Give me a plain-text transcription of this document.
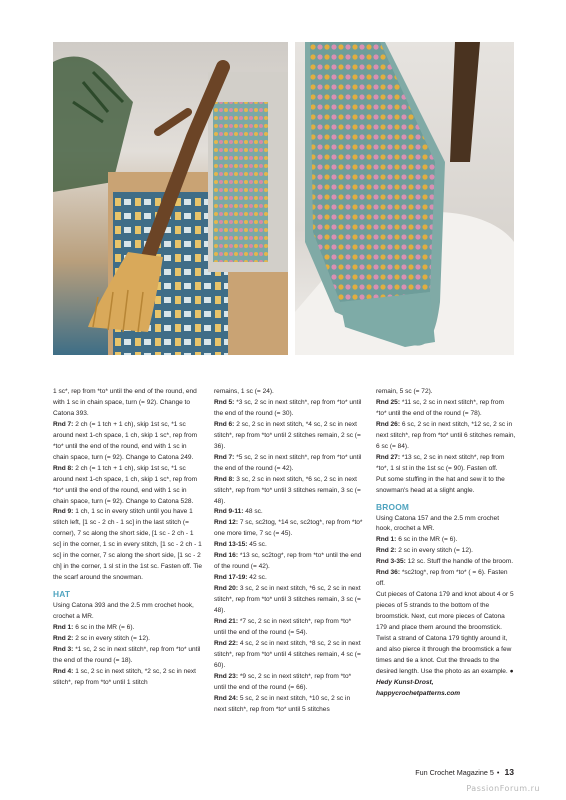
1 sc*, rep from *to* until the end of the round, end with 1 sc in chain space, turn (= 92). Change to Catona 393.

Rnd 7: 2 ch (= 1 tch + 1 ch), skip 1st sc, *1 sc around next 1-ch space, 1 ch, skip 1 sc*, rep from *to* until the end of the round, end with 1 sc in chain space, turn (= 92). Change to Catona 249.

Rnd 8: 2 ch (= 1 tch + 1 ch), skip 1st sc, *1 sc around next 1-ch space, 1 ch, skip 1 sc*, rep from *to* until the end of the round, end with 1 sc in chain space, turn (= 92). Change to Catona 528.

Rnd 9: 1 ch, 1 sc in every stitch until you have 1 stitch left, [1 sc - 2 ch - 1 sc] in the last stitch (= corner), 7 sc along the short side, [1 sc - 2 ch - 1 sc] in the corner, 1 sc in every stitch, [1 sc - 2 ch - 1 sc] in the corner, 7 sc along the short side, [1 sc - 2 ch] in the corner, 1 sl st in the 1st sc. Fasten off. Tie the scarf around the snowman.

HAT

Using Catona 393 and the 2.5 mm crochet hook, crochet a MR.

Rnd 1: 6 sc in the MR (= 6).

Rnd 2: 2 sc in every stitch (= 12).

Rnd 3: *1 sc, 2 sc in next stitch*, rep from *to* until the end of the round (= 18).

Rnd 4: 1 sc, 2 sc in next stitch, *2 sc, 2 sc in next stitch*, rep from *to* until 1 stitch

remains, 1 sc (= 24).

Rnd 5: *3 sc, 2 sc in next stitch*, rep from *to* until the end of the round (= 30).

Rnd 6: 2 sc, 2 sc in next stitch, *4 sc, 2 sc in next stitch*, rep from *to* until 2 stitches remain, 2 sc (= 36).

Rnd 7: *5 sc, 2 sc in next stitch*, rep from *to* until the end of the round (= 42).

Rnd 8: 3 sc, 2 sc in next stitch, *6 sc, 2 sc in next stitch*, rep from *to* until 3 stitches remain, 3 sc (= 48).

Rnd 9-11: 48 sc.

Rnd 12: 7 sc, sc2tog, *14 sc, sc2tog*, rep from *to* one more time, 7 sc (= 45).

Rnd 13-15: 45 sc.

Rnd 16: *13 sc, sc2tog*, rep from *to* until the end of the round (= 42).

Rnd 17-19: 42 sc.

Rnd 20: 3 sc, 2 sc in next stitch, *6 sc, 2 sc in next stitch*, rep from *to* until 3 stitches remain, 3 sc (= 48).

Rnd 21: *7 sc, 2 sc in next stitch*, rep from *to* until the end of the round (= 54).

Rnd 22: 4 sc, 2 sc in next stitch, *8 sc, 2 sc in next stitch*, rep from *to* until 4 stitches remain, 4 sc (= 60).

Rnd 23: *9 sc, 2 sc in next stitch*, rep from *to* until the end of the round (= 66).

Rnd 24: 5 sc, 2 sc in next stitch, *10 sc, 2 sc in next stitch*, rep from *to* until 5 stitches

remain, 5 sc (= 72).

Rnd 25: *11 sc, 2 sc in next stitch*, rep from *to* until the end of the round (= 78).

Rnd 26: 6 sc, 2 sc in next stitch, *12 sc, 2 sc in next stitch*, rep from *to* until 6 stitches remain, 6 sc (= 84).

Rnd 27: *13 sc, 2 sc in next stitch*, rep from *to*, 1 sl st in the 1st sc (= 90). Fasten off.

Put some stuffing in the hat and sew it to the snowman's head at a slight angle.

BROOM

Using Catona 157 and the 2.5 mm crochet hook, crochet a MR.

Rnd 1: 6 sc in the MR (= 6).

Rnd 2: 2 sc in every stitch (= 12).

Rnd 3-35: 12 sc. Stuff the handle of the broom.

Rnd 36: *sc2tog*, rep from *to* ( = 6). Fasten off.

Cut pieces of Catona 179 and knot about 4 or 5 pieces of 5 strands to the bottom of the broomstick. Next, cut more pieces of Catona 179 and place them around the broomstick. Twist a strand of Catona 179 tightly around it, and also pierce it through the broomstick a few times and tie a knot. Cut the threads to the desired length. Use the photo as an example. ●

Hedy Kunst-Drost,

happycrochetpatterns.com

Fun Crochet Magazine 5 • 13
PassionForum.ru
